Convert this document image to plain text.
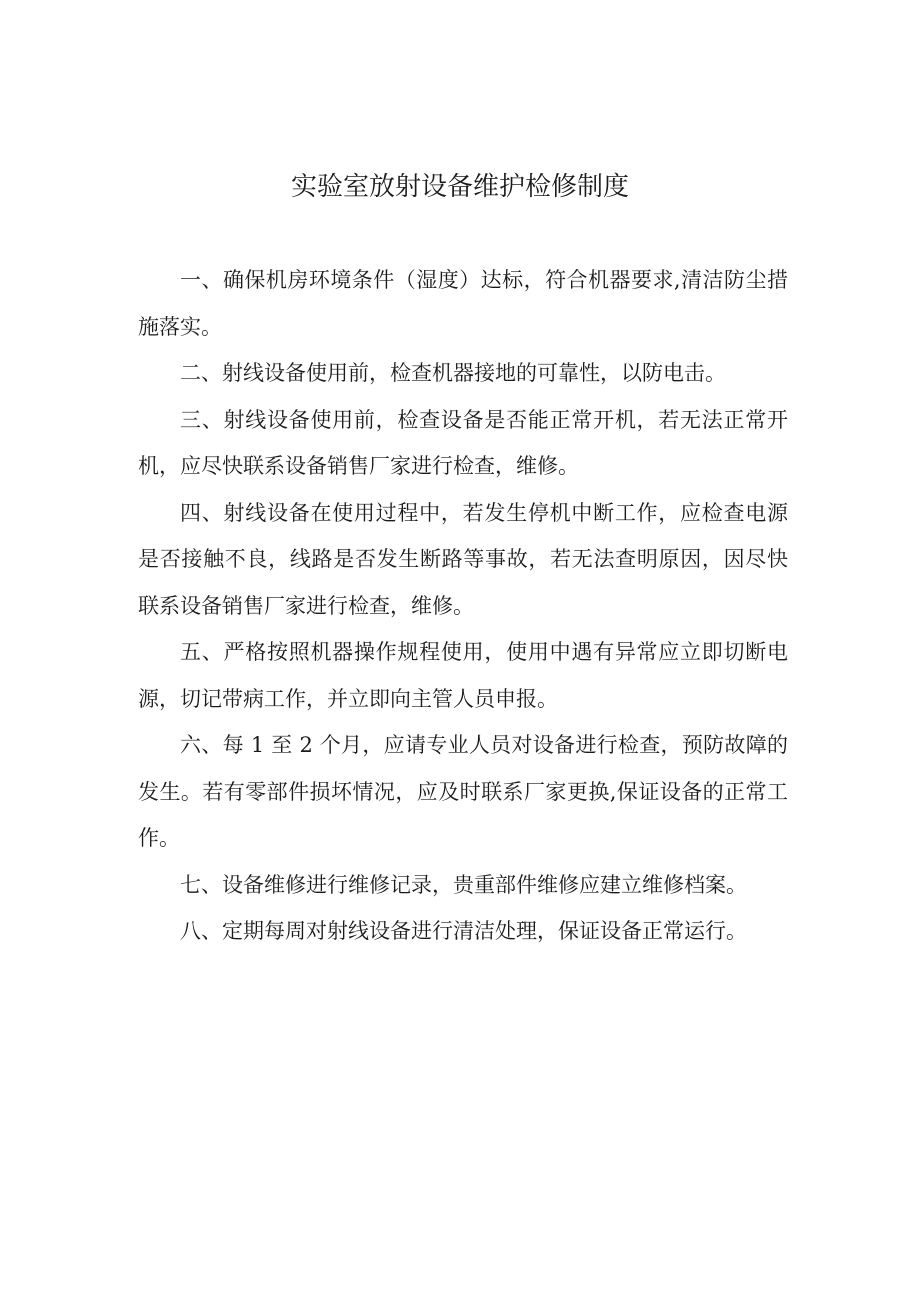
实验室放射设备维护检修制度

一、确保机房环境条件（湿度）达标，符合机器要求,清洁防尘措施落实。

二、射线设备使用前，检查机器接地的可靠性，以防电击。

三、射线设备使用前，检查设备是否能正常开机，若无法正常开机，应尽快联系设备销售厂家进行检查，维修。

四、射线设备在使用过程中，若发生停机中断工作，应检查电源是否接触不良，线路是否发生断路等事故，若无法查明原因，因尽快联系设备销售厂家进行检查，维修。

五、严格按照机器操作规程使用，使用中遇有异常应立即切断电源，切记带病工作，并立即向主管人员申报。

六、每 1 至 2 个月，应请专业人员对设备进行检查，预防故障的发生。若有零部件损坏情况，应及时联系厂家更换,保证设备的正常工作。

七、设备维修进行维修记录，贵重部件维修应建立维修档案。

八、定期每周对射线设备进行清洁处理，保证设备正常运行。
